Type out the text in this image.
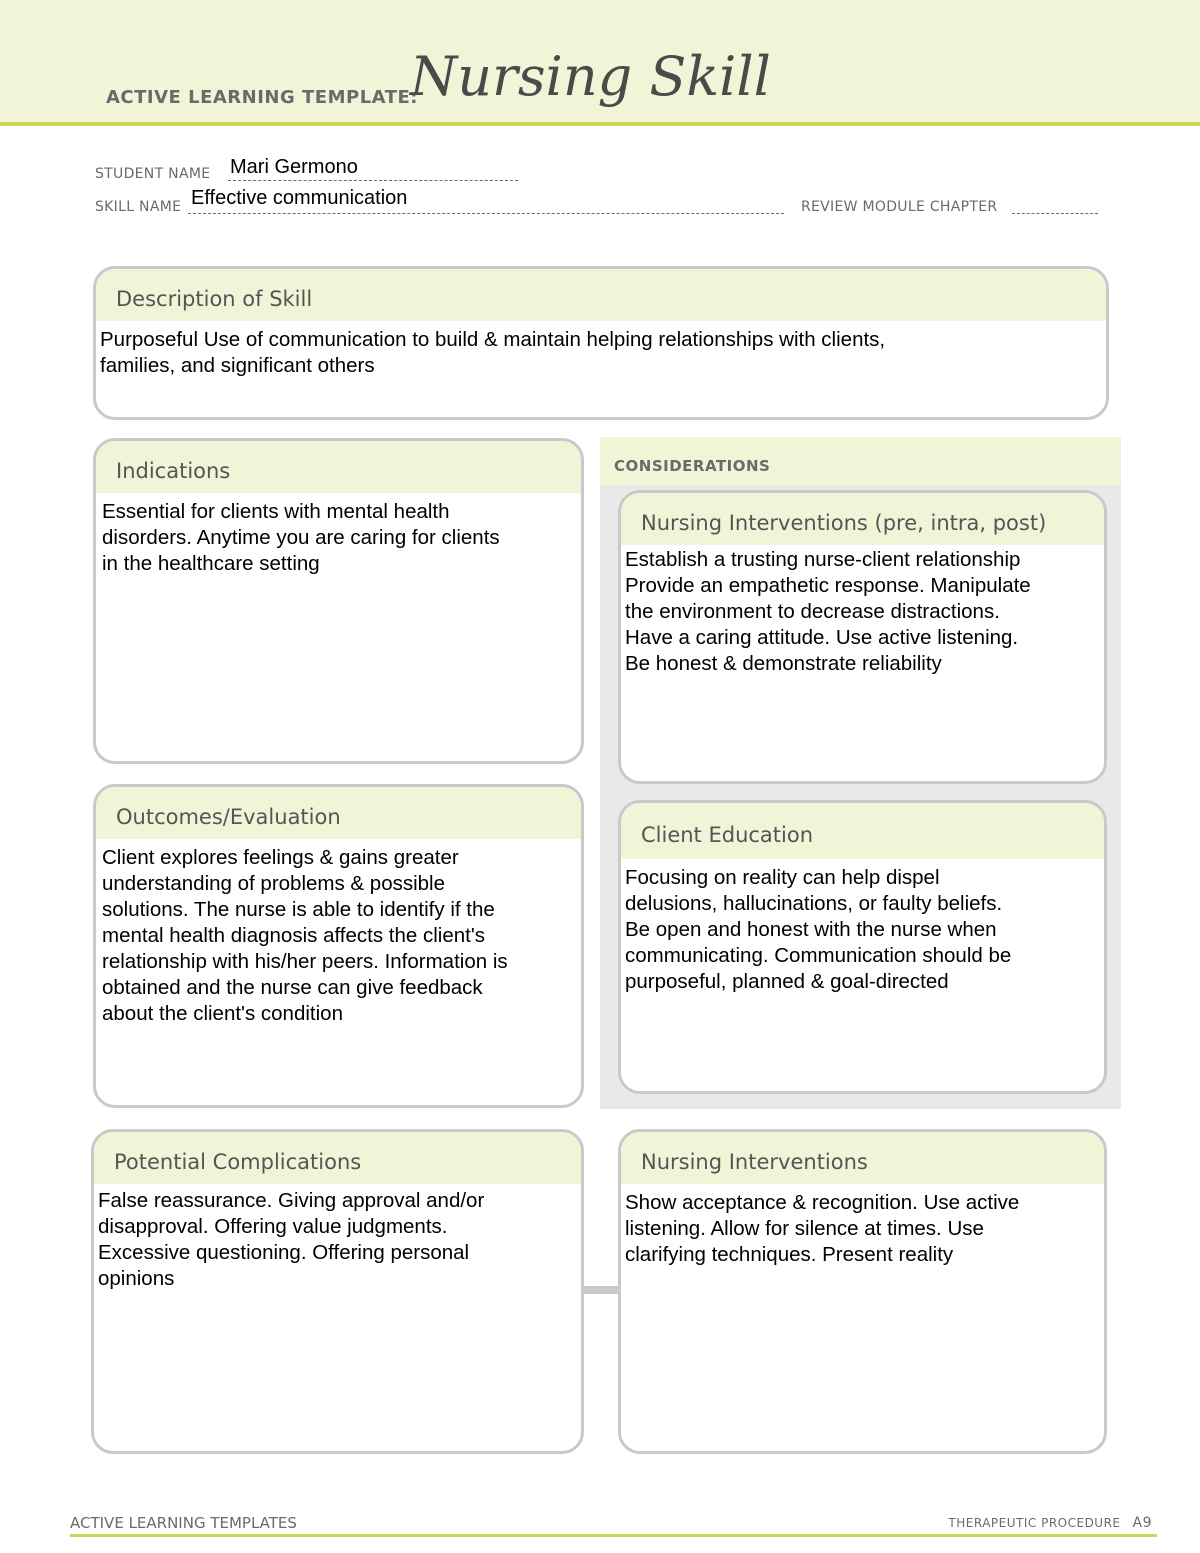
ACTIVE LEARNING TEMPLATE:
Nursing Skill
STUDENT NAME Mari Germono
SKILL NAME Effective communication	REVIEW MODULE CHAPTER
Description of Skill
Purposeful Use of communication to build & maintain helping relationships with clients,
families, and significant others
Indications
Essential for clients with mental health
disorders. Anytime you are caring for clients
in the healthcare setting
CONSIDERATIONS
Nursing Interventions (pre, intra, post)
Establish a trusting nurse-client relationship
Provide an empathetic response. Manipulate
the environment to decrease distractions.
Have a caring attitude. Use active listening.
Be honest & demonstrate reliability
Outcomes/Evaluation
Client explores feelings & gains greater
understanding of problems & possible
solutions. The nurse is able to identify if the
mental health diagnosis affects the client's
relationship with his/her peers. Information is
obtained and the nurse can give feedback
about the client's condition
Client Education
Focusing on reality can help dispel
delusions, hallucinations, or faulty beliefs.
Be open and honest with the nurse when
communicating. Communication should be
purposeful, planned & goal-directed
Potential Complications
False reassurance. Giving approval and/or
disapproval. Offering value judgments.
Excessive questioning. Offering personal
opinions
Nursing Interventions
Show acceptance & recognition. Use active
listening. Allow for silence at times. Use
clarifying techniques. Present reality
ACTIVE LEARNING TEMPLATES	THERAPEUTIC PROCEDURE A9
